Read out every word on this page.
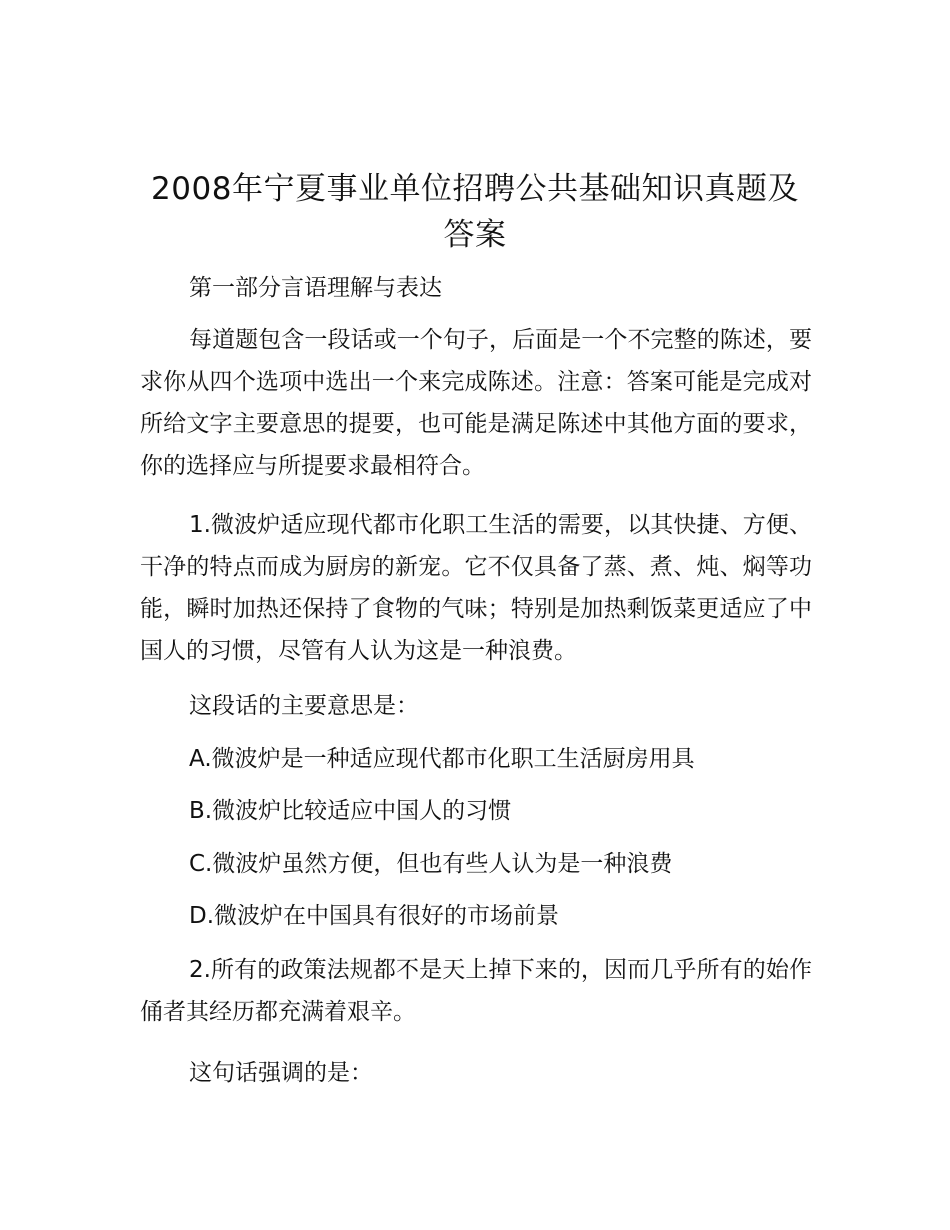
2008年宁夏事业单位招聘公共基础知识真题及答案

第一部分言语理解与表达

每道题包含一段话或一个句子，后面是一个不完整的陈述，要求你从四个选项中选出一个来完成陈述。注意：答案可能是完成对所给文字主要意思的提要，也可能是满足陈述中其他方面的要求，你的选择应与所提要求最相符合。

1.微波炉适应现代都市化职工生活的需要，以其快捷、方便、干净的特点而成为厨房的新宠。它不仅具备了蒸、煮、炖、焖等功能，瞬时加热还保持了食物的气味；特别是加热剩饭菜更适应了中国人的习惯，尽管有人认为这是一种浪费。

这段话的主要意思是：

A.微波炉是一种适应现代都市化职工生活厨房用具

B.微波炉比较适应中国人的习惯

C.微波炉虽然方便，但也有些人认为是一种浪费

D.微波炉在中国具有很好的市场前景

2.所有的政策法规都不是天上掉下来的，因而几乎所有的始作俑者其经历都充满着艰辛。

这句话强调的是：
